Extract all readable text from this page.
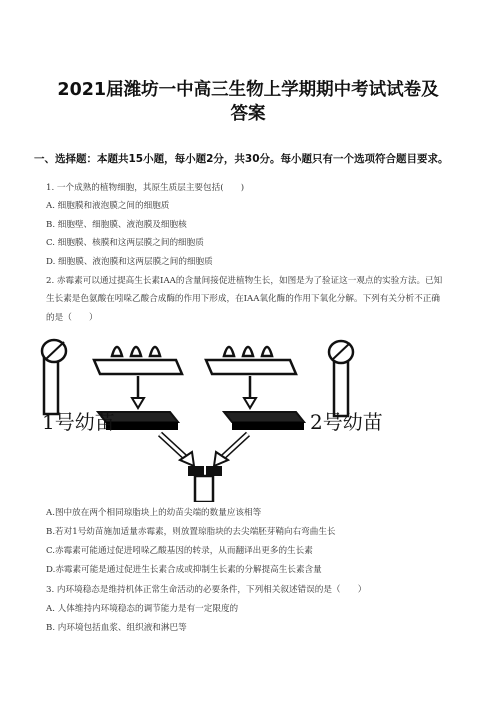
2021届潍坊一中高三生物上学期期中考试试卷及
答案
一、选择题：本题共15小题，每小题2分，共30分。每小题只有一个选项符合题目要求。
1. 一个成熟的植物细胞，其原生质层主要包括(　　)
A. 细胞膜和液泡膜之间的细胞质
B. 细胞壁、细胞膜、液泡膜及细胞核
C. 细胞膜、核膜和这两层膜之间的细胞质
D. 细胞膜、液泡膜和这两层膜之间的细胞质
2. 赤霉素可以通过提高生长素IAA的含量间接促进植物生长，如图是为了验证这一观点的实验方法。已知
生长素是色氨酸在吲哚乙酸合成酶的作用下形成，在IAA氧化酶的作用下氧化分解。下列有关分析不正确
的是（　　）
1号幼苗	2号幼苗
A.图中放在两个相同琼脂块上的幼苗尖端的数量应该相等
B.若对1号幼苗施加适量赤霉素，则放置琼脂块的去尖端胚芽鞘向右弯曲生长
C.赤霉素可能通过促进吲哚乙酸基因的转录，从而翻译出更多的生长素
D.赤霉素可能是通过促进生长素合成或抑制生长素的分解提高生长素含量
3. 内环境稳态是维持机体正常生命活动的必要条件，下列相关叙述错误的是（　　）
A. 人体维持内环境稳态的调节能力是有一定限度的
B. 内环境包括血浆、组织液和淋巴等
